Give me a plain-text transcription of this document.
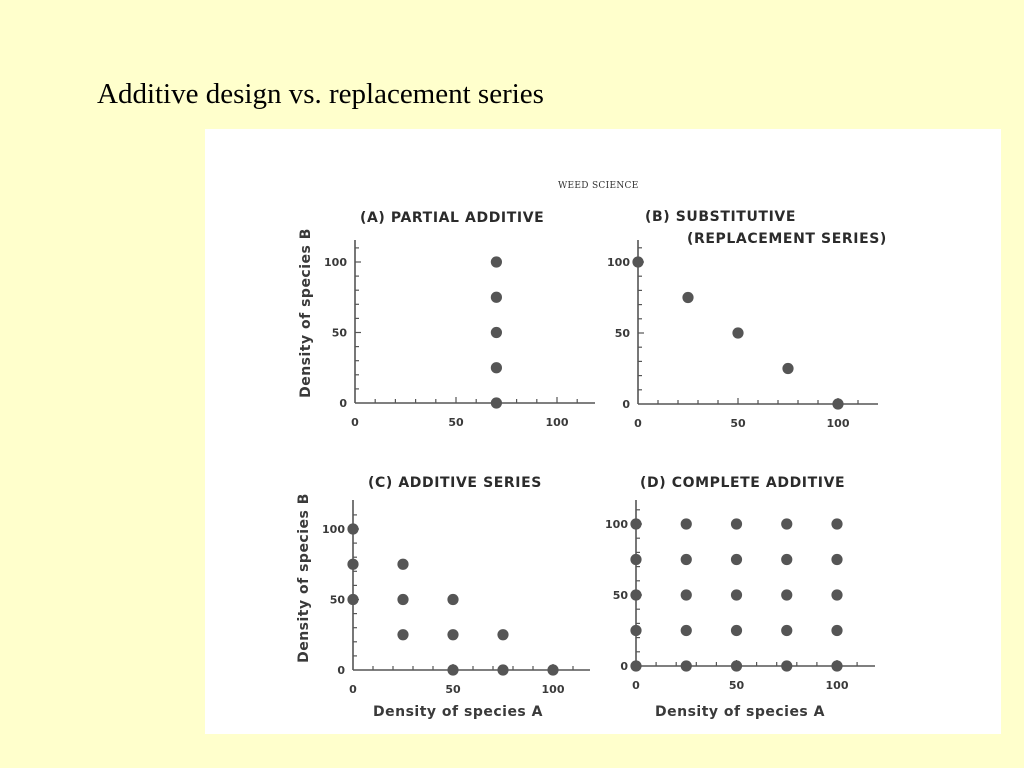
Additive design vs. replacement series
WEED SCIENCE
0	50	100
0
50
100
(A) PARTIAL ADDITIVE
Density of species B
0	50	100
0
50
100
(B) SUBSTITUTIVE (REPLACEMENT SERIES)
0	50	100
0
50
100
(C) ADDITIVE SERIES
Density of species B
Density of species A
0	50	100
0
50
100
(D) COMPLETE ADDITIVE
Density of species A
